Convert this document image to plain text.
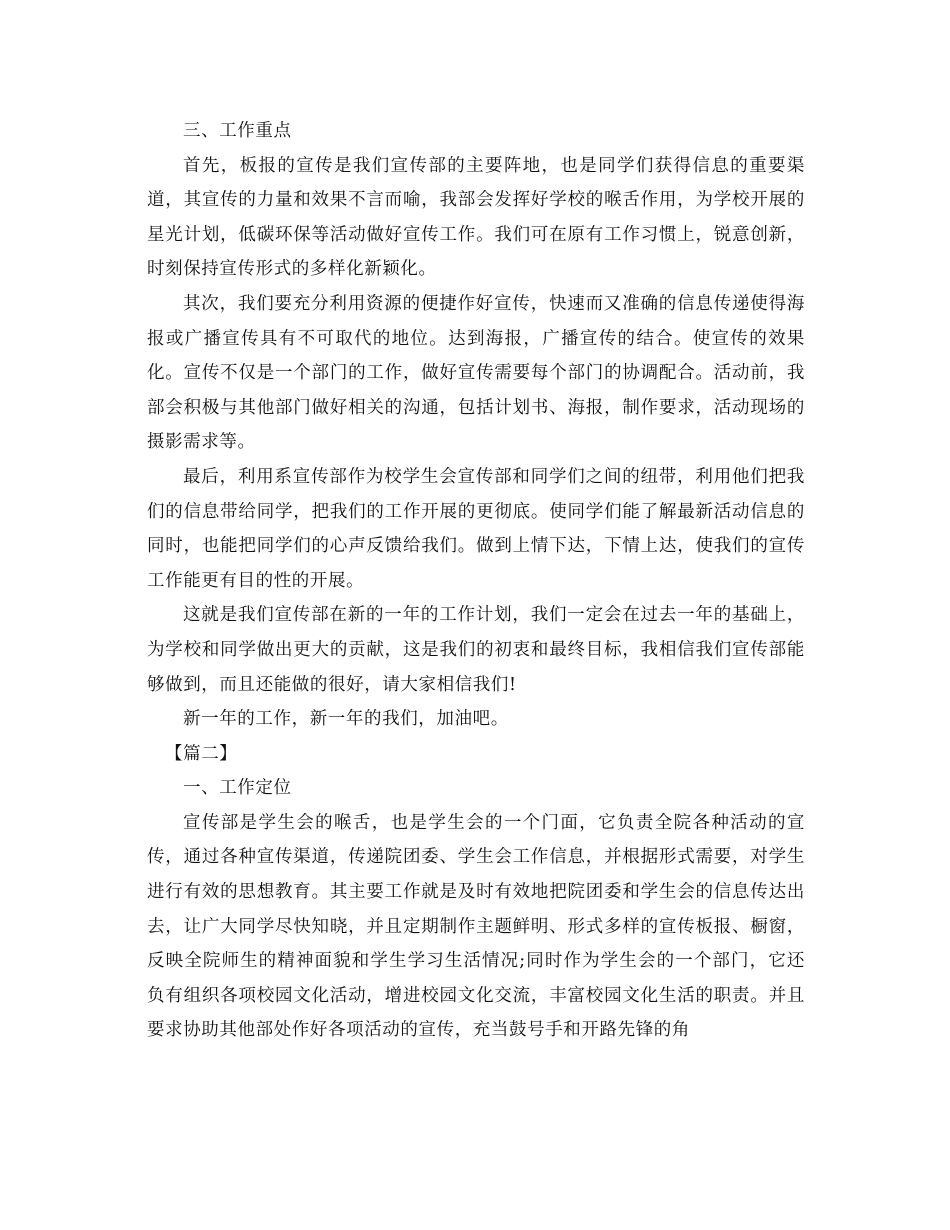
三、工作重点

首先，板报的宣传是我们宣传部的主要阵地，也是同学们获得信息的重要渠道，其宣传的力量和效果不言而喻，我部会发挥好学校的喉舌作用，为学校开展的星光计划，低碳环保等活动做好宣传工作。我们可在原有工作习惯上，锐意创新，时刻保持宣传形式的多样化新颖化。

其次，我们要充分利用资源的便捷作好宣传，快速而又准确的信息传递使得海报或广播宣传具有不可取代的地位。达到海报，广播宣传的结合。使宣传的效果化。宣传不仅是一个部门的工作，做好宣传需要每个部门的协调配合。活动前，我部会积极与其他部门做好相关的沟通，包括计划书、海报，制作要求，活动现场的摄影需求等。

最后，利用系宣传部作为校学生会宣传部和同学们之间的纽带，利用他们把我们的信息带给同学，把我们的工作开展的更彻底。使同学们能了解最新活动信息的同时，也能把同学们的心声反馈给我们。做到上情下达，下情上达，使我们的宣传工作能更有目的性的开展。

这就是我们宣传部在新的一年的工作计划，我们一定会在过去一年的基础上，为学校和同学做出更大的贡献，这是我们的初衷和最终目标，我相信我们宣传部能够做到，而且还能做的很好，请大家相信我们!

新一年的工作，新一年的我们，加油吧。

【篇二】

一、工作定位

宣传部是学生会的喉舌，也是学生会的一个门面，它负责全院各种活动的宣传，通过各种宣传渠道，传递院团委、学生会工作信息，并根据形式需要，对学生进行有效的思想教育。其主要工作就是及时有效地把院团委和学生会的信息传达出去，让广大同学尽快知晓，并且定期制作主题鲜明、形式多样的宣传板报、橱窗，反映全院师生的精神面貌和学生学习生活情况;同时作为学生会的一个部门，它还负有组织各项校园文化活动，增进校园文化交流，丰富校园文化生活的职责。并且要求协助其他部处作好各项活动的宣传，充当鼓号手和开路先锋的角
